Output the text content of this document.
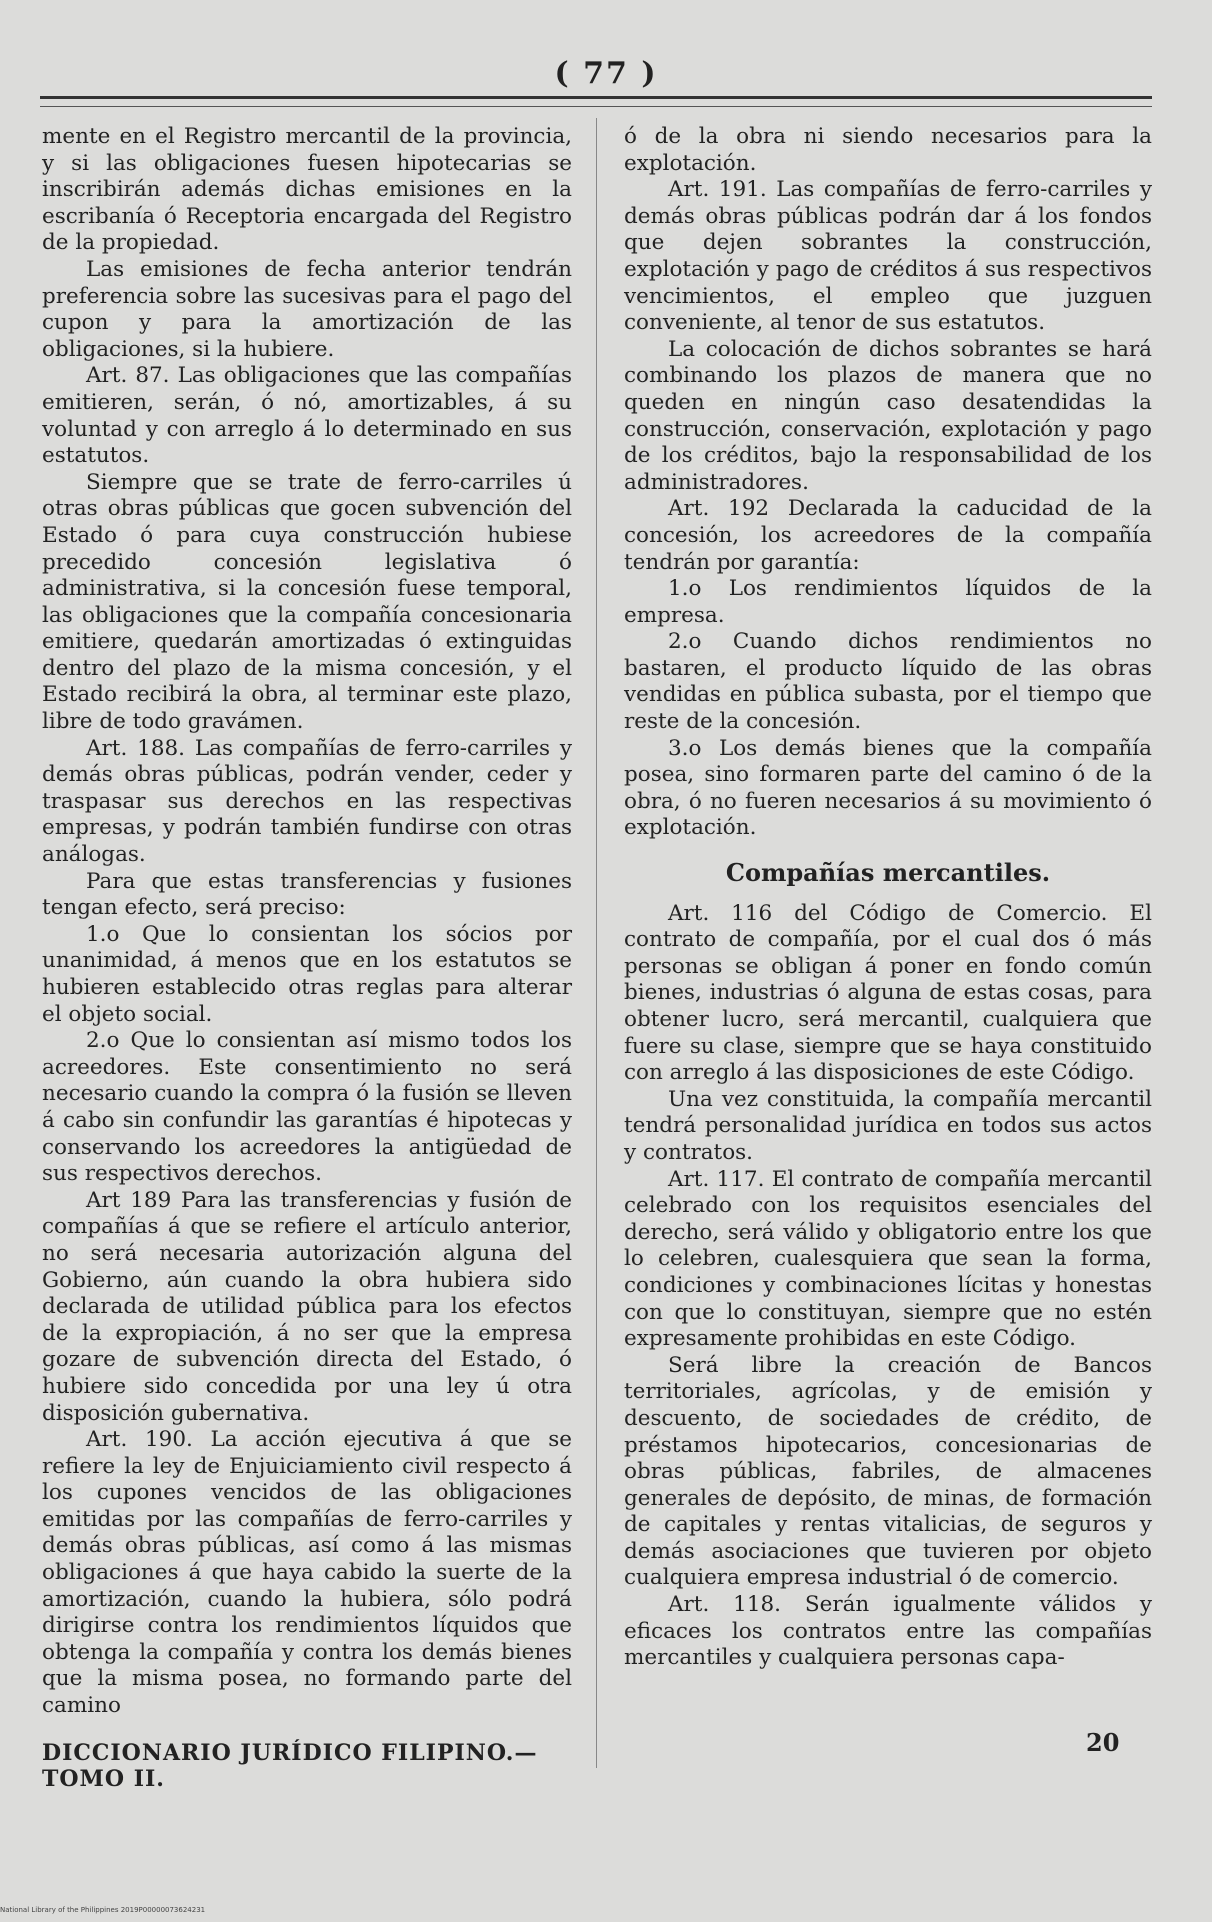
( 77 )

mente en el Registro mercantil de la provincia, y si las obligaciones fuesen hipotecarias se inscribirán además dichas emisiones en la escribanía ó Receptoria encargada del Registro de la propiedad.

Las emisiones de fecha anterior tendrán preferencia sobre las sucesivas para el pago del cupon y para la amortización de las obligaciones, si la hubiere.

Art. 87. Las obligaciones que las compañías emitieren, serán, ó nó, amortizables, á su voluntad y con arreglo á lo determinado en sus estatutos.

Siempre que se trate de ferro-carriles ú otras obras públicas que gocen subvención del Estado ó para cuya construcción hubiese precedido concesión legislativa ó administrativa, si la concesión fuese temporal, las obligaciones que la compañía concesionaria emitiere, quedarán amortizadas ó extinguidas dentro del plazo de la misma concesión, y el Estado recibirá la obra, al terminar este plazo, libre de todo gravámen.

Art. 188. Las compañías de ferro-carriles y demás obras públicas, podrán vender, ceder y traspasar sus derechos en las respectivas empresas, y podrán también fundirse con otras análogas.

Para que estas transferencias y fusiones tengan efecto, será preciso:

1.o Que lo consientan los sócios por unanimidad, á menos que en los estatutos se hubieren establecido otras reglas para alterar el objeto social.

2.o Que lo consientan así mismo todos los acreedores. Este consentimiento no será necesario cuando la compra ó la fusión se lleven á cabo sin confundir las garantías é hipotecas y conservando los acreedores la antigüedad de sus respectivos derechos.

Art 189 Para las transferencias y fusión de compañías á que se refiere el artículo anterior, no será necesaria autorización alguna del Gobierno, aún cuando la obra hubiera sido declarada de utilidad pública para los efectos de la expropiación, á no ser que la empresa gozare de subvención directa del Estado, ó hubiere sido concedida por una ley ú otra disposición gubernativa.

Art. 190. La acción ejecutiva á que se refiere la ley de Enjuiciamiento civil respecto á los cupones vencidos de las obligaciones emitidas por las compañías de ferro-carriles y demás obras públicas, así como á las mismas obligaciones á que haya cabido la suerte de la amortización, cuando la hubiera, sólo podrá dirigirse contra los rendimientos líquidos que obtenga la compañía y contra los demás bienes que la misma posea, no formando parte del camino

ó de la obra ni siendo necesarios para la explotación.

Art. 191. Las compañías de ferro-carriles y demás obras públicas podrán dar á los fondos que dejen sobrantes la construcción, explotación y pago de créditos á sus respectivos vencimientos, el empleo que juzguen conveniente, al tenor de sus estatutos.

La colocación de dichos sobrantes se hará combinando los plazos de manera que no queden en ningún caso desatendidas la construcción, conservación, explotación y pago de los créditos, bajo la responsabilidad de los administradores.

Art. 192 Declarada la caducidad de la concesión, los acreedores de la compañía tendrán por garantía:

1.o Los rendimientos líquidos de la empresa.

2.o Cuando dichos rendimientos no bastaren, el producto líquido de las obras vendidas en pública subasta, por el tiempo que reste de la concesión.

3.o Los demás bienes que la compañía posea, sino formaren parte del camino ó de la obra, ó no fueren necesarios á su movimiento ó explotación.

Compañías mercantiles.

Art. 116 del Código de Comercio. El contrato de compañía, por el cual dos ó más personas se obligan á poner en fondo común bienes, industrias ó alguna de estas cosas, para obtener lucro, será mercantil, cualquiera que fuere su clase, siempre que se haya constituido con arreglo á las disposiciones de este Código.

Una vez constituida, la compañía mercantil tendrá personalidad jurídica en todos sus actos y contratos.

Art. 117. El contrato de compañía mercantil celebrado con los requisitos esenciales del derecho, será válido y obligatorio entre los que lo celebren, cualesquiera que sean la forma, condiciones y combinaciones lícitas y honestas con que lo constituyan, siempre que no estén expresamente prohibidas en este Código.

Será libre la creación de Bancos territoriales, agrícolas, y de emisión y descuento, de sociedades de crédito, de préstamos hipotecarios, concesionarias de obras públicas, fabriles, de almacenes generales de depósito, de minas, de formación de capitales y rentas vitalicias, de seguros y demás asociaciones que tuvieren por objeto cualquiera empresa industrial ó de comercio.

Art. 118. Serán igualmente válidos y eficaces los contratos entre las compañías mercantiles y cualquiera personas capa-

DICCIONARIO JURÍDICO FILIPINO.—TOMO II.
20
National Library of the Philippines 2019P00000073624231
